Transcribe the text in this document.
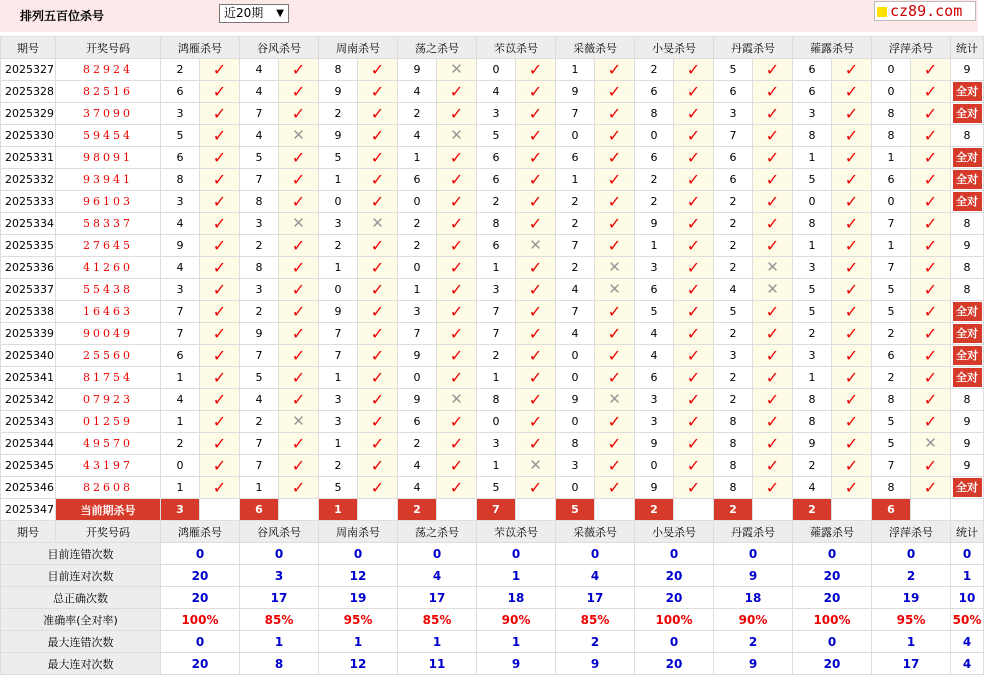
排列五百位杀号	近20期 ▼	cz89.com
期号	开奖号码	鸿雁杀号		谷风杀号		周南杀号		荡之杀号		芣苡杀号		采薇杀号		小旻杀号		丹霞杀号		蕹露杀号		浮萍杀号		统计
2025327	82924	2	✓	4	✓	8	✓	9	✕	0	✓	1	✓	2	✓	5	✓	6	✓	0	✓	9
2025328	82516	6	✓	4	✓	9	✓	4	✓	4	✓	9	✓	6	✓	6	✓	6	✓	0	✓	全对
2025329	37090	3	✓	7	✓	2	✓	2	✓	3	✓	7	✓	8	✓	3	✓	3	✓	8	✓	全对
2025330	59454	5	✓	4	✕	9	✓	4	✕	5	✓	0	✓	0	✓	7	✓	8	✓	8	✓	8
2025331	98091	6	✓	5	✓	5	✓	1	✓	6	✓	6	✓	6	✓	6	✓	1	✓	1	✓	全对
2025332	93941	8	✓	7	✓	1	✓	6	✓	6	✓	1	✓	2	✓	6	✓	5	✓	6	✓	全对
2025333	96103	3	✓	8	✓	0	✓	0	✓	2	✓	2	✓	2	✓	2	✓	0	✓	0	✓	全对
2025334	58337	4	✓	3	✕	3	✕	2	✓	8	✓	2	✓	9	✓	2	✓	8	✓	7	✓	8
2025335	27645	9	✓	2	✓	2	✓	2	✓	6	✕	7	✓	1	✓	2	✓	1	✓	1	✓	9
2025336	41260	4	✓	8	✓	1	✓	0	✓	1	✓	2	✕	3	✓	2	✕	3	✓	7	✓	8
2025337	55438	3	✓	3	✓	0	✓	1	✓	3	✓	4	✕	6	✓	4	✕	5	✓	5	✓	8
2025338	16463	7	✓	2	✓	9	✓	3	✓	7	✓	7	✓	5	✓	5	✓	5	✓	5	✓	全对
2025339	90049	7	✓	9	✓	7	✓	7	✓	7	✓	4	✓	4	✓	2	✓	2	✓	2	✓	全对
2025340	25560	6	✓	7	✓	7	✓	9	✓	2	✓	0	✓	4	✓	3	✓	3	✓	6	✓	全对
2025341	81754	1	✓	5	✓	1	✓	0	✓	1	✓	0	✓	6	✓	2	✓	1	✓	2	✓	全对
2025342	07923	4	✓	4	✓	3	✓	9	✕	8	✓	9	✕	3	✓	2	✓	8	✓	8	✓	8
2025343	01259	1	✓	2	✕	3	✓	6	✓	0	✓	0	✓	3	✓	8	✓	8	✓	5	✓	9
2025344	49570	2	✓	7	✓	1	✓	2	✓	3	✓	8	✓	9	✓	8	✓	9	✓	5	✕	9
2025345	43197	0	✓	7	✓	2	✓	4	✓	1	✕	3	✓	0	✓	8	✓	2	✓	7	✓	9
2025346	82608	1	✓	1	✓	5	✓	4	✓	5	✓	0	✓	9	✓	8	✓	4	✓	8	✓	全对
2025347	当前期杀号	3		6		1		2		7		5		2		2		2		6		
期号	开奖号码	鸿雁杀号		谷风杀号		周南杀号		荡之杀号		芣苡杀号		采薇杀号		小旻杀号		丹霞杀号		蕹露杀号		浮萍杀号		统计
目前连错次数		0		0		0		0		0		0		0		0		0		0		0
目前连对次数		20		3		12		4		1		4		20		9		20		2		1
总正确次数		20		17		19		17		18		17		20		18		20		19		10
准确率(全对率)		100%		85%		95%		85%		90%		85%		100%		90%		100%		95%		50%
最大连错次数		0		1		1		1		1		2		0		2		0		1		4
最大连对次数		20		8		12		11		9		9		20		9		20		17		4
